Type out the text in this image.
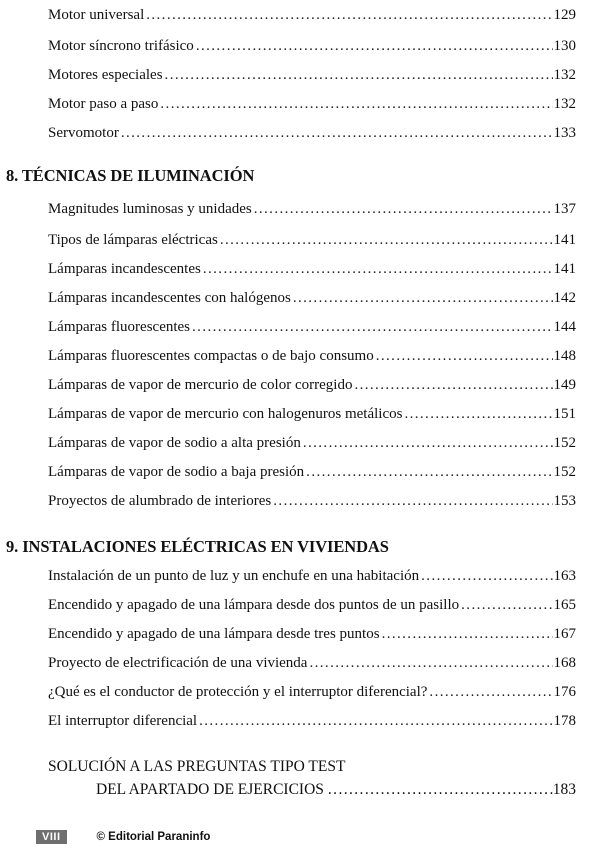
Motor universal .....	129
Motor síncrono trifásico .....	130
Motores especiales .....	132
Motor paso a paso .....	132
Servomotor .....	133
8. TÉCNICAS DE ILUMINACIÓN
Magnitudes luminosas y unidades .....	137
Tipos de lámparas eléctricas .....	141
Lámparas incandescentes .....	141
Lámparas incandescentes con halógenos .....	142
Lámparas fluorescentes .....	144
Lámparas fluorescentes compactas o de bajo consumo .....	148
Lámparas de vapor de mercurio de color corregido .....	149
Lámparas de vapor de mercurio con halogenuros metálicos .....	151
Lámparas de vapor de sodio a alta presión .....	152
Lámparas de vapor de sodio a baja presión .....	152
Proyectos de alumbrado de interiores .....	153
9. INSTALACIONES ELÉCTRICAS EN VIVIENDAS
Instalación de un punto de luz y un enchufe en una habitación .....	163
Encendido y apagado de una lámpara desde dos puntos de un pasillo .....	165
Encendido y apagado de una lámpara desde tres puntos .....	167
Proyecto de electrificación de una vivienda .....	168
¿Qué es el conductor de protección y el interruptor diferencial? .....	176
El interruptor diferencial .....	178
SOLUCIÓN A LAS PREGUNTAS TIPO TEST
DEL APARTADO DE EJERCICIOS .....	183
VIII	© Editorial Paraninfo
